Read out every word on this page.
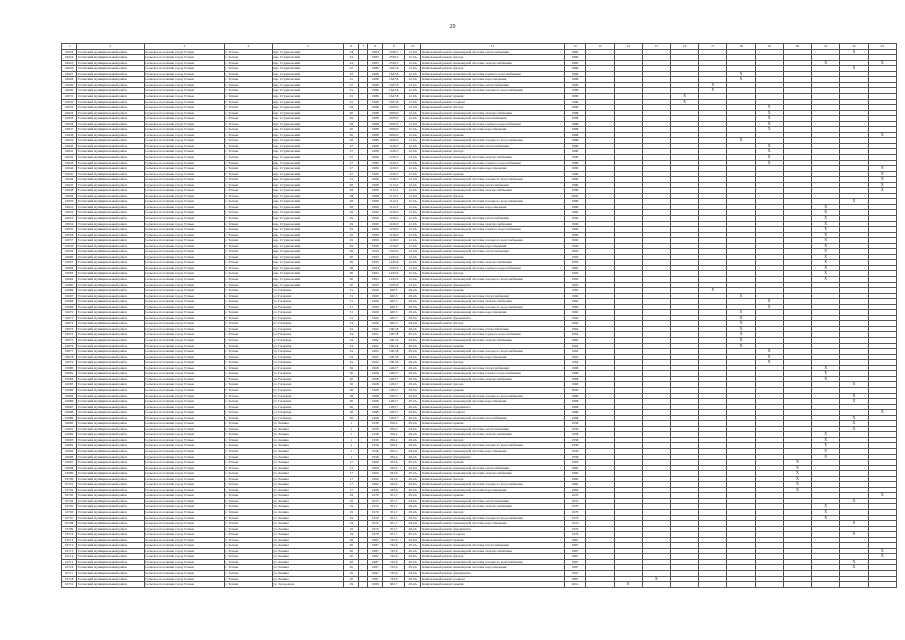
29
1	2	3	4	5	6	7	8	9	10	11	12	13	14	15	16	17	18	19	20	21	22	23
16623	Тотемский муниципальный район	Сельское поселение город Тотьма	г. Тотьма	пер. Студенческий	24		1983	2536,5	12.2А	Капитальный ремонт инженерной системы теплоснабжения	1985										X	
16624	Тотемский муниципальный район	Сельское поселение город Тотьма	г. Тотьма	пер. Студенческий	24		1983	2536,5	12.2А	Капитальный ремонт фасада	1986											
16625	Тотемский муниципальный район	Сельское поселение город Тотьма	г. Тотьма	пер. Студенческий	24		1983	2536,5	12.2А	Капитальный ремонт инженерной системы электроснабжения	1985									X		X
16626	Тотемский муниципальный район	Сельское поселение город Тотьма	г. Тотьма	пер. Студенческий	25		1986	1647,8	12.2А	Капитальный ремонт фасада	1986										X	
16627	Тотемский муниципальный район	Сельское поселение город Тотьма	г. Тотьма	пер. Студенческий	25		1986	1647,8	12.2А	Капитальный ремонт инженерной системы горячего водоснабжения	1986						X					
16628	Тотемский муниципальный район	Сельское поселение город Тотьма	г. Тотьма	пер. Студенческий	25		1986	1647,8	12.2А	Капитальный ремонт инженерной системы водоотведения	1986						X					
16629	Тотемский муниципальный район	Сельское поселение город Тотьма	г. Тотьма	пер. Студенческий	25		1986	1647,8	12.2А	Капитальный ремонт инженерной системы теплоснабжения	1986					X						
16630	Тотемский муниципальный район	Сельское поселение город Тотьма	г. Тотьма	пер. Студенческий	25		1986	1647,8	12.2А	Капитальный ремонт инженерной системы холодного водоснабжения	1986					X						
16631	Тотемский муниципальный район	Сельское поселение город Тотьма	г. Тотьма	пер. Студенческий	25		1986	1647,8	12.2А	Капитальный ремонт крыши	1986				X							
16632	Тотемский муниципальный район	Сельское поселение город Тотьма	г. Тотьма	пер. Студенческий	25		1986	1647,8	12.2А	Капитальный ремонт подвала	1986				X							
16633	Тотемский муниципальный район	Сельское поселение город Тотьма	г. Тотьма	пер. Студенческий	26		1988	2030,0	12.2А	Капитальный ремонт фасада	1988							X				
16634	Тотемский муниципальный район	Сельское поселение город Тотьма	г. Тотьма	пер. Студенческий	26		1988	2030,0	12.2А	Капитальный ремонт инженерной системы электроснабжения	1988							X				
16635	Тотемский муниципальный район	Сельское поселение город Тотьма	г. Тотьма	пер. Студенческий	26		1988	2030,0	12.2А	Капитальный ремонт инженерной системы газоснабжения	1988							X				
16636	Тотемский муниципальный район	Сельское поселение город Тотьма	г. Тотьма	пер. Студенческий	26		1988	2030,0	12.2А	Капитальный ремонт инженерной системы горячего водоснабжения	1988							X				
16637	Тотемский муниципальный район	Сельское поселение город Тотьма	г. Тотьма	пер. Студенческий	26		1988	2030,0	12.2А	Капитальный ремонт инженерной системы водоотведения	1988							X				
16638	Тотемский муниципальный район	Сельское поселение город Тотьма	г. Тотьма	пер. Студенческий	26		1988	2030,0	12.2А	Капитальный ремонт крыши	1988											X
16639	Тотемский муниципальный район	Сельское поселение город Тотьма	г. Тотьма	пер. Студенческий	26		1988	2030,0	12.2А	Капитальный ремонт инженерной системы холодного водоснабжения	1988						X					
16640	Тотемский муниципальный район	Сельское поселение город Тотьма	г. Тотьма	пер. Студенческий	27		1989	1126,5	12.2А	Капитальный ремонт инженерной системы теплоснабжения	1989							X				
16641	Тотемский муниципальный район	Сельское поселение город Тотьма	г. Тотьма	пер. Студенческий	27		1989	1126,5	12.2А	Капитальный ремонт фасада	1989							X				
16642	Тотемский муниципальный район	Сельское поселение город Тотьма	г. Тотьма	пер. Студенческий	27		1989	1126,5	12.2А	Капитальный ремонт инженерной системы электроснабжения	1989							X				
16643	Тотемский муниципальный район	Сельское поселение город Тотьма	г. Тотьма	пер. Студенческий	27		1989	1126,5	12.2А	Капитальный ремонт инженерной системы горячего водоснабжения	1989							X				
16644	Тотемский муниципальный район	Сельское поселение город Тотьма	г. Тотьма	пер. Студенческий	27		1989	1126,5	12.2А	Капитальный ремонт инженерной системы водоотведения	1989											X
16645	Тотемский муниципальный район	Сельское поселение город Тотьма	г. Тотьма	пер. Студенческий	27		1989	1126,5	12.2А	Капитальный ремонт крыши	1989											X
16646	Тотемский муниципальный район	Сельское поселение город Тотьма	г. Тотьма	пер. Студенческий	27		1989	1126,5	12.2А	Капитальный ремонт инженерной системы холодного водоснабжения	1989											X
16647	Тотемский муниципальный район	Сельское поселение город Тотьма	г. Тотьма	пер. Студенческий	28		1989	1112,3	12.2А	Капитальный ремонт инженерной системы теплоснабжения	1989											X
16648	Тотемский муниципальный район	Сельское поселение город Тотьма	г. Тотьма	пер. Студенческий	28		1989	1112,3	12.2А	Капитальный ремонт инженерной системы электроснабжения	1989											X
16649	Тотемский муниципальный район	Сельское поселение город Тотьма	г. Тотьма	пер. Студенческий	28		1989	1112,3	12.2А	Капитальный ремонт фасада	2000											
16650	Тотемский муниципальный район	Сельское поселение город Тотьма	г. Тотьма	пер. Студенческий	28		1989	1112,3	12.2А	Капитальный ремонт инженерной системы холодного водоснабжения	1989										X	
16651	Тотемский муниципальный район	Сельское поселение город Тотьма	г. Тотьма	пер. Студенческий	28		1989	1112,3	12.2А	Капитальный ремонт инженерной системы водоотведения	1989									X		
16652	Тотемский муниципальный район	Сельское поселение город Тотьма	г. Тотьма	пер. Студенческий	29		1990	1126,0	12.2А	Капитальный ремонт крыши	1990									X		
16653	Тотемский муниципальный район	Сельское поселение город Тотьма	г. Тотьма	пер. Студенческий	29		1990	1126,0	12.2А	Капитальный ремонт инженерной системы теплоснабжения	1990									X		
16654	Тотемский муниципальный район	Сельское поселение город Тотьма	г. Тотьма	пер. Студенческий	29		1990	1126,0	12.2А	Капитальный ремонт инженерной системы электроснабжения	1990									X		
16655	Тотемский муниципальный район	Сельское поселение город Тотьма	г. Тотьма	пер. Студенческий	29		1990	1126,0	12.2А	Капитальный ремонт инженерной системы горячего водоснабжения	1990									X		
16656	Тотемский муниципальный район	Сельское поселение город Тотьма	г. Тотьма	пер. Студенческий	29		1990	1126,0	12.2А	Капитальный ремонт фасада	1990									X		
16657	Тотемский муниципальный район	Сельское поселение город Тотьма	г. Тотьма	пер. Студенческий	29		1990	1126,0	12.2А	Капитальный ремонт инженерной системы холодного водоснабжения	1990									X		
16658	Тотемский муниципальный район	Сельское поселение город Тотьма	г. Тотьма	пер. Студенческий	29		1990	1126,0	12.2А	Капитальный ремонт инженерной системы водоотведения	1990									X		
16659	Тотемский муниципальный район	Сельское поселение город Тотьма	г. Тотьма	пер. Студенческий	30		1993	1245,9	12.2А	Капитальный ремонт инженерной системы теплоснабжения	1993									X		
16660	Тотемский муниципальный район	Сельское поселение город Тотьма	г. Тотьма	пер. Студенческий	30		1993	1245,9	12.2А	Капитальный ремонт крыши	1993									X		
16661	Тотемский муниципальный район	Сельское поселение город Тотьма	г. Тотьма	пер. Студенческий	30		1993	1245,9	12.2А	Капитальный ремонт инженерной системы электроснабжения	1993									X		
16662	Тотемский муниципальный район	Сельское поселение город Тотьма	г. Тотьма	пер. Студенческий	30		1993	1245,9	12.2А	Капитальный ремонт инженерной системы горячего водоснабжения	1993									X		
16663	Тотемский муниципальный район	Сельское поселение город Тотьма	г. Тотьма	пер. Студенческий	30		1993	1245,9	12.2А	Капитальный ремонт фасада	1993									X		
16664	Тотемский муниципальный район	Сельское поселение город Тотьма	г. Тотьма	пер. Студенческий	30		1993	1245,9	12.2А	Капитальный ремонт инженерной системы холодного водоснабжения	1993									X		
16665	Тотемский муниципальный район	Сельское поселение город Тотьма	г. Тотьма	пер. Студенческий	30		1993	1245,9	12.2А	Капитальный ремонт фундамента	1993											
16666	Тотемский муниципальный район	Сельское поселение город Тотьма	г. Тотьма	ул. Гагарина	31		1960	620,5	29.2А	Капитальный ремонт крыши	1960					X						
16667	Тотемский муниципальный район	Сельское поселение город Тотьма	г. Тотьма	ул. Гагарина	31		1960	620,5	29.2А	Капитальный ремонт инженерной системы теплоснабжения	1960						X					
16668	Тотемский муниципальный район	Сельское поселение город Тотьма	г. Тотьма	ул. Гагарина	31		1960	620,5	29.2А	Капитальный ремонт инженерной системы электроснабжения	1960							X				
16669	Тотемский муниципальный район	Сельское поселение город Тотьма	г. Тотьма	ул. Гагарина	31		1960	620,5	29.2А	Капитальный ремонт инженерной системы холодного водоснабжения	1960							X				
16670	Тотемский муниципальный район	Сельское поселение город Тотьма	г. Тотьма	ул. Гагарина	31		1960	620,5	29.2А	Капитальный ремонт инженерной системы водоотведения	1960						X					
16671	Тотемский муниципальный район	Сельское поселение город Тотьма	г. Тотьма	ул. Гагарина	31		1960	620,5	29.2А	Капитальный ремонт фундамента	1960						X					
16672	Тотемский муниципальный район	Сельское поселение город Тотьма	г. Тотьма	ул. Гагарина	31		1960	620,5	29.2А	Капитальный ремонт фасада	1960						X					
16673	Тотемский муниципальный район	Сельское поселение город Тотьма	г. Тотьма	ул. Гагарина	34		1962	1001,8	29.2А	Капитальный ремонт инженерной системы теплоснабжения	1962						X					
16674	Тотемский муниципальный район	Сельское поселение город Тотьма	г. Тотьма	ул. Гагарина	34		1962	1001,8	29.2А	Капитальный ремонт инженерной системы горячего водоснабжения	1962						X					
16675	Тотемский муниципальный район	Сельское поселение город Тотьма	г. Тотьма	ул. Гагарина	34		1962	1001,8	29.2А	Капитальный ремонт инженерной системы электроснабжения	1962						X					
16676	Тотемский муниципальный район	Сельское поселение город Тотьма	г. Тотьма	ул. Гагарина	34		1962	1001,8	29.2А	Капитальный ремонт крыши	1962						X					
16677	Тотемский муниципальный район	Сельское поселение город Тотьма	г. Тотьма	ул. Гагарина	34		1962	1001,8	29.2А	Капитальный ремонт инженерной системы холодного водоснабжения	1962							X				
16678	Тотемский муниципальный район	Сельское поселение город Тотьма	г. Тотьма	ул. Гагарина	34		1962	1001,8	29.2А	Капитальный ремонт инженерной системы водоотведения	1962							X				
16679	Тотемский муниципальный район	Сельское поселение город Тотьма	г. Тотьма	ул. Гагарина	34		1962	1001,8	29.2А	Капитальный ремонт фасада	1962							X				
16680	Тотемский муниципальный район	Сельское поселение город Тотьма	г. Тотьма	ул. Гагарина	36		1968	1202,7	29.2А	Капитальный ремонт инженерной системы теплоснабжения	1968									X		
16681	Тотемский муниципальный район	Сельское поселение город Тотьма	г. Тотьма	ул. Гагарина	36		1968	1202,7	29.2А	Капитальный ремонт инженерной системы горячего водоснабжения	1968									X		
16682	Тотемский муниципальный район	Сельское поселение город Тотьма	г. Тотьма	ул. Гагарина	36		1968	1202,7	29.2А	Капитальный ремонт инженерной системы электроснабжения	1968									X		
16683	Тотемский муниципальный район	Сельское поселение город Тотьма	г. Тотьма	ул. Гагарина	36		1968	1202,7	29.2А	Капитальный ремонт фасада	1968										X	
16684	Тотемский муниципальный район	Сельское поселение город Тотьма	г. Тотьма	ул. Гагарина	36		1968	1202,7	29.2А	Капитальный ремонт крыши	2000											
16685	Тотемский муниципальный район	Сельское поселение город Тотьма	г. Тотьма	ул. Гагарина	36		1968	1202,7	29.2А	Капитальный ремонт инженерной системы холодного водоснабжения	1968										X	
16686	Тотемский муниципальный район	Сельское поселение город Тотьма	г. Тотьма	ул. Гагарина	36		1968	1202,7	29.2А	Капитальный ремонт инженерной системы водоотведения	1968										X	
16687	Тотемский муниципальный район	Сельское поселение город Тотьма	г. Тотьма	ул. Гагарина	36		1968	1202,7	29.2А	Капитальный ремонт фундамента	1968											
16688	Тотемский муниципальный район	Сельское поселение город Тотьма	г. Тотьма	ул. Гагарина	36		1968	1202,7	29.2А	Капитальный ремонт подвала	1968											X
16689	Тотемский муниципальный район	Сельское поселение город Тотьма	г. Тотьма	ул. Гагарина	36		1968	1202,7	29.2А	Капитальный ремонт инженерной системы газоснабжения	1968										X	
16690	Тотемский муниципальный район	Сельское поселение город Тотьма	г. Тотьма	ул. Ленина	1		1958	256,2	29.2А	Капитальный ремонт крыши	1958										X	
16691	Тотемский муниципальный район	Сельское поселение город Тотьма	г. Тотьма	ул. Ленина	1		1958	256,2	29.2А	Капитальный ремонт инженерной системы теплоснабжения	1958										X	
16692	Тотемский муниципальный район	Сельское поселение город Тотьма	г. Тотьма	ул. Ленина	1		1958	256,2	29.2А	Капитальный ремонт инженерной системы электроснабжения	1958									X		
16693	Тотемский муниципальный район	Сельское поселение город Тотьма	г. Тотьма	ул. Ленина	1		1958	256,2	29.2А	Капитальный ремонт фасада	1958									X		
16694	Тотемский муниципальный район	Сельское поселение город Тотьма	г. Тотьма	ул. Ленина	1		1958	256,2	29.2А	Капитальный ремонт инженерной системы холодного водоснабжения	1958									X		
16695	Тотемский муниципальный район	Сельское поселение город Тотьма	г. Тотьма	ул. Ленина	1		1958	256,2	29.2А	Капитальный ремонт инженерной системы водоотведения	1958									X		
16696	Тотемский муниципальный район	Сельское поселение город Тотьма	г. Тотьма	ул. Ленина	1		1958	256,2	29.2А	Капитальный ремонт фундамента	1958									X		
16697	Тотемский муниципальный район	Сельское поселение город Тотьма	г. Тотьма	ул. Ленина	17		1960	243,6	29.2А	Капитальный ремонт крыши	1960								X			
16698	Тотемский муниципальный район	Сельское поселение город Тотьма	г. Тотьма	ул. Ленина	17		1960	243,6	29.2А	Капитальный ремонт инженерной системы теплоснабжения	1960								X			
16699	Тотемский муниципальный район	Сельское поселение город Тотьма	г. Тотьма	ул. Ленина	17		1960	243,6	29.2А	Капитальный ремонт инженерной системы электроснабжения	1960								X			
16700	Тотемский муниципальный район	Сельское поселение город Тотьма	г. Тотьма	ул. Ленина	17		1960	243,6	29.2А	Капитальный ремонт фасада	1960								X			
16701	Тотемский муниципальный район	Сельское поселение город Тотьма	г. Тотьма	ул. Ленина	17		1960	243,6	29.2А	Капитальный ремонт инженерной системы холодного водоснабжения	1960								X			
16702	Тотемский муниципальный район	Сельское поселение город Тотьма	г. Тотьма	ул. Ленина	17		1960	243,6	29.2А	Капитальный ремонт инженерной системы водоотведения	1960								X			
16703	Тотемский муниципальный район	Сельское поселение город Тотьма	г. Тотьма	ул. Ленина	19		1970	351,7	29.2А	Капитальный ремонт крыши	1970											X
16704	Тотемский муниципальный район	Сельское поселение город Тотьма	г. Тотьма	ул. Ленина	19		1970	351,7	29.2А	Капитальный ремонт инженерной системы теплоснабжения	1970										X	
16705	Тотемский муниципальный район	Сельское поселение город Тотьма	г. Тотьма	ул. Ленина	19		1970	351,7	29.2А	Капитальный ремонт инженерной системы электроснабжения	1970									X		
16706	Тотемский муниципальный район	Сельское поселение город Тотьма	г. Тотьма	ул. Ленина	19		1970	351,7	29.2А	Капитальный ремонт фасада	1970									X		
16707	Тотемский муниципальный район	Сельское поселение город Тотьма	г. Тотьма	ул. Ленина	19		1970	351,7	29.2А	Капитальный ремонт инженерной системы холодного водоснабжения	1970									X		
16708	Тотемский муниципальный район	Сельское поселение город Тотьма	г. Тотьма	ул. Ленина	19		1970	351,7	29.2А	Капитальный ремонт инженерной системы водоотведения	1970										X	
16709	Тотемский муниципальный район	Сельское поселение город Тотьма	г. Тотьма	ул. Ленина	19		1970	351,7	29.2А	Капитальный ремонт фундамента	1970											
16710	Тотемский муниципальный район	Сельское поселение город Тотьма	г. Тотьма	ул. Ленина	19		1970	351,7	29.2А	Капитальный ремонт подвала	1970										X	
16711	Тотемский муниципальный район	Сельское поселение город Тотьма	г. Тотьма	ул. Ленина	20		1987	745,6	29.2А	Капитальный ремонт крыши	1987											
16712	Тотемский муниципальный район	Сельское поселение город Тотьма	г. Тотьма	ул. Ленина	20		1987	745,6	29.2А	Капитальный ремонт инженерной системы теплоснабжения	1987											
16713	Тотемский муниципальный район	Сельское поселение город Тотьма	г. Тотьма	ул. Ленина	20		1987	745,6	29.2А	Капитальный ремонт инженерной системы электроснабжения	1987											X
16714	Тотемский муниципальный район	Сельское поселение город Тотьма	г. Тотьма	ул. Ленина	20		1987	745,6	29.2А	Капитальный ремонт фасада	1987											X
16715	Тотемский муниципальный район	Сельское поселение город Тотьма	г. Тотьма	ул. Ленина	20		1987	745,6	29.2А	Капитальный ремонт инженерной системы холодного водоснабжения	1987										X	
16716	Тотемский муниципальный район	Сельское поселение город Тотьма	г. Тотьма	ул. Ленина	20		1987	745,6	29.2А	Капитальный ремонт инженерной системы водоотведения	1987										X	
16717	Тотемский муниципальный район	Сельское поселение город Тотьма	г. Тотьма	ул. Ленина	20		1987	745,6	29.2А	Капитальный ремонт фундамента	1987											
16718	Тотемский муниципальный район	Сельское поселение город Тотьма	г. Тотьма	ул. Ленина	20		1987	745,6	29.2А	Капитальный ремонт подвала	1987			X								
16719	Тотемский муниципальный район	Сельское поселение город Тотьма	г. Тотьма	ул. Загородная	29		1986	502,7	29.2А	Капитальный ремонт крыши	2014		X									
